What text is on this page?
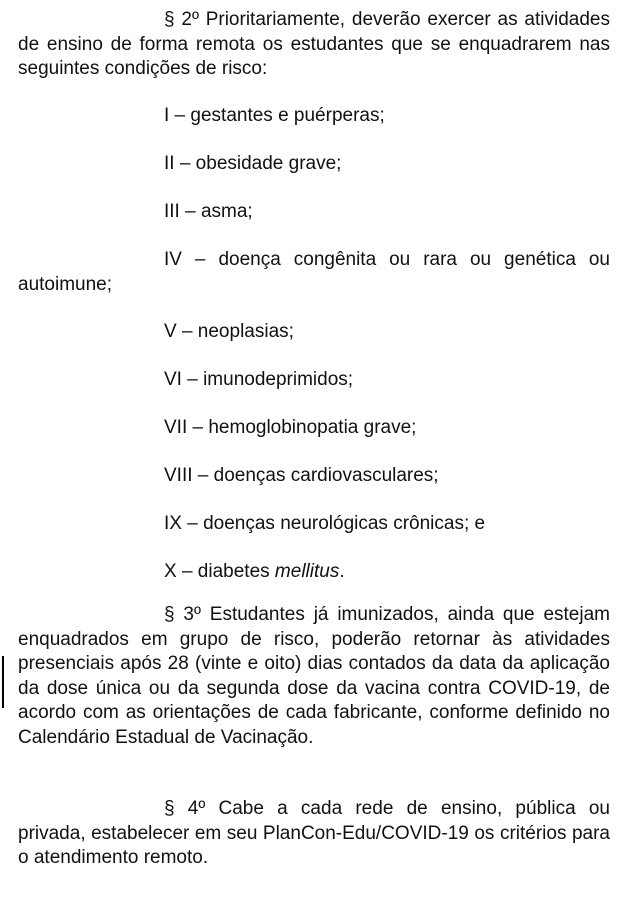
§ 2º Prioritariamente, deverão exercer as atividades de ensino de forma remota os estudantes que se enquadrarem nas seguintes condições de risco:

I – gestantes e puérperas;

II – obesidade grave;

III – asma;

IV – doença congênita ou rara ou genética ou autoimune;

V – neoplasias;

VI – imunodeprimidos;

VII – hemoglobinopatia grave;

VIII – doenças cardiovasculares;

IX – doenças neurológicas crônicas; e

X – diabetes mellitus.

§ 3º Estudantes já imunizados, ainda que estejam enquadrados em grupo de risco, poderão retornar às atividades presenciais após 28 (vinte e oito) dias contados da data da aplicação da dose única ou da segunda dose da vacina contra COVID-19, de acordo com as orientações de cada fabricante, conforme definido no Calendário Estadual de Vacinação.

§ 4º Cabe a cada rede de ensino, pública ou privada, estabelecer em seu PlanCon-Edu/COVID-19 os critérios para o atendimento remoto.
